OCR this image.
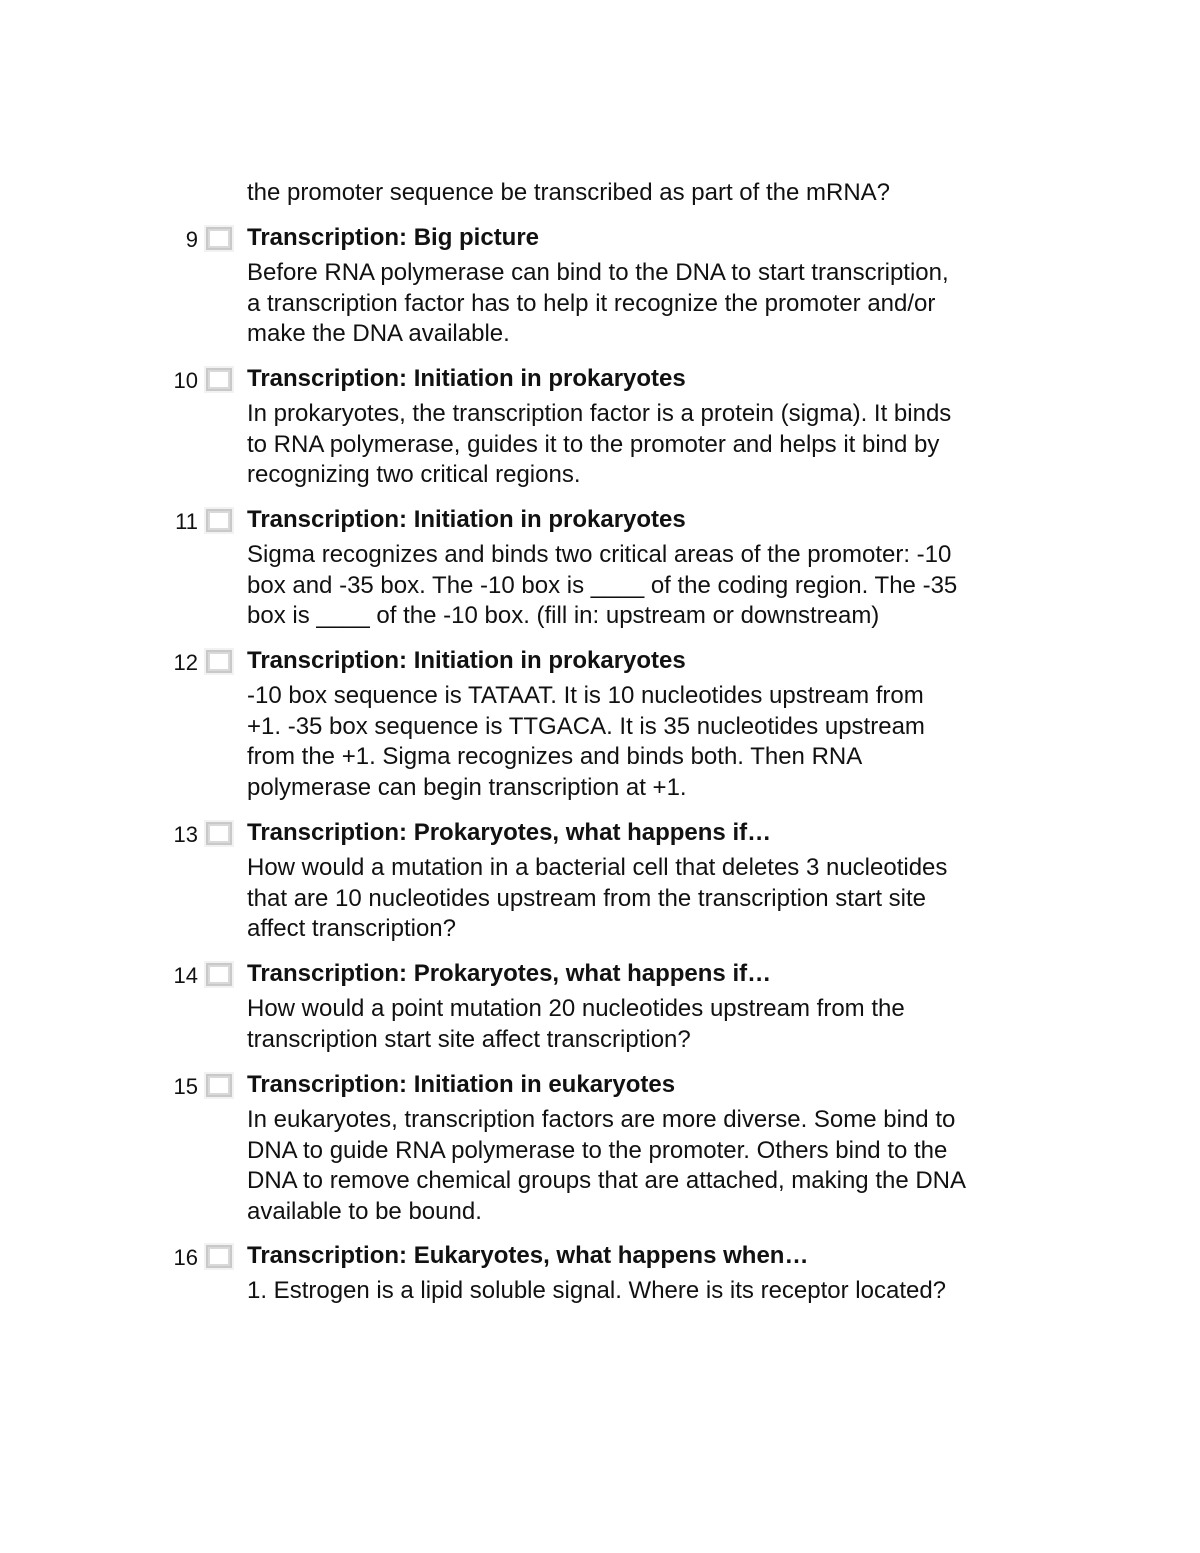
the promoter sequence be transcribed as part of the mRNA?
9 Transcription: Big picture
Before RNA polymerase can bind to the DNA to start transcription,
a transcription factor has to help it recognize the promoter and/or
make the DNA available.
10 Transcription: Initiation in prokaryotes
In prokaryotes, the transcription factor is a protein (sigma). It binds
to RNA polymerase, guides it to the promoter and helps it bind by
recognizing two critical regions.
11 Transcription: Initiation in prokaryotes
Sigma recognizes and binds two critical areas of the promoter: -10
box and -35 box. The -10 box is ____ of the coding region. The -35
box is ____ of the -10 box. (fill in: upstream or downstream)
12 Transcription: Initiation in prokaryotes
-10 box sequence is TATAAT. It is 10 nucleotides upstream from
+1. -35 box sequence is TTGACA. It is 35 nucleotides upstream
from the +1. Sigma recognizes and binds both. Then RNA
polymerase can begin transcription at +1.
13 Transcription: Prokaryotes, what happens if…
How would a mutation in a bacterial cell that deletes 3 nucleotides
that are 10 nucleotides upstream from the transcription start site
affect transcription?
14 Transcription: Prokaryotes, what happens if…
How would a point mutation 20 nucleotides upstream from the
transcription start site affect transcription?
15 Transcription: Initiation in eukaryotes
In eukaryotes, transcription factors are more diverse. Some bind to
DNA to guide RNA polymerase to the promoter. Others bind to the
DNA to remove chemical groups that are attached, making the DNA
available to be bound.
16 Transcription: Eukaryotes, what happens when…
1. Estrogen is a lipid soluble signal. Where is its receptor located?
